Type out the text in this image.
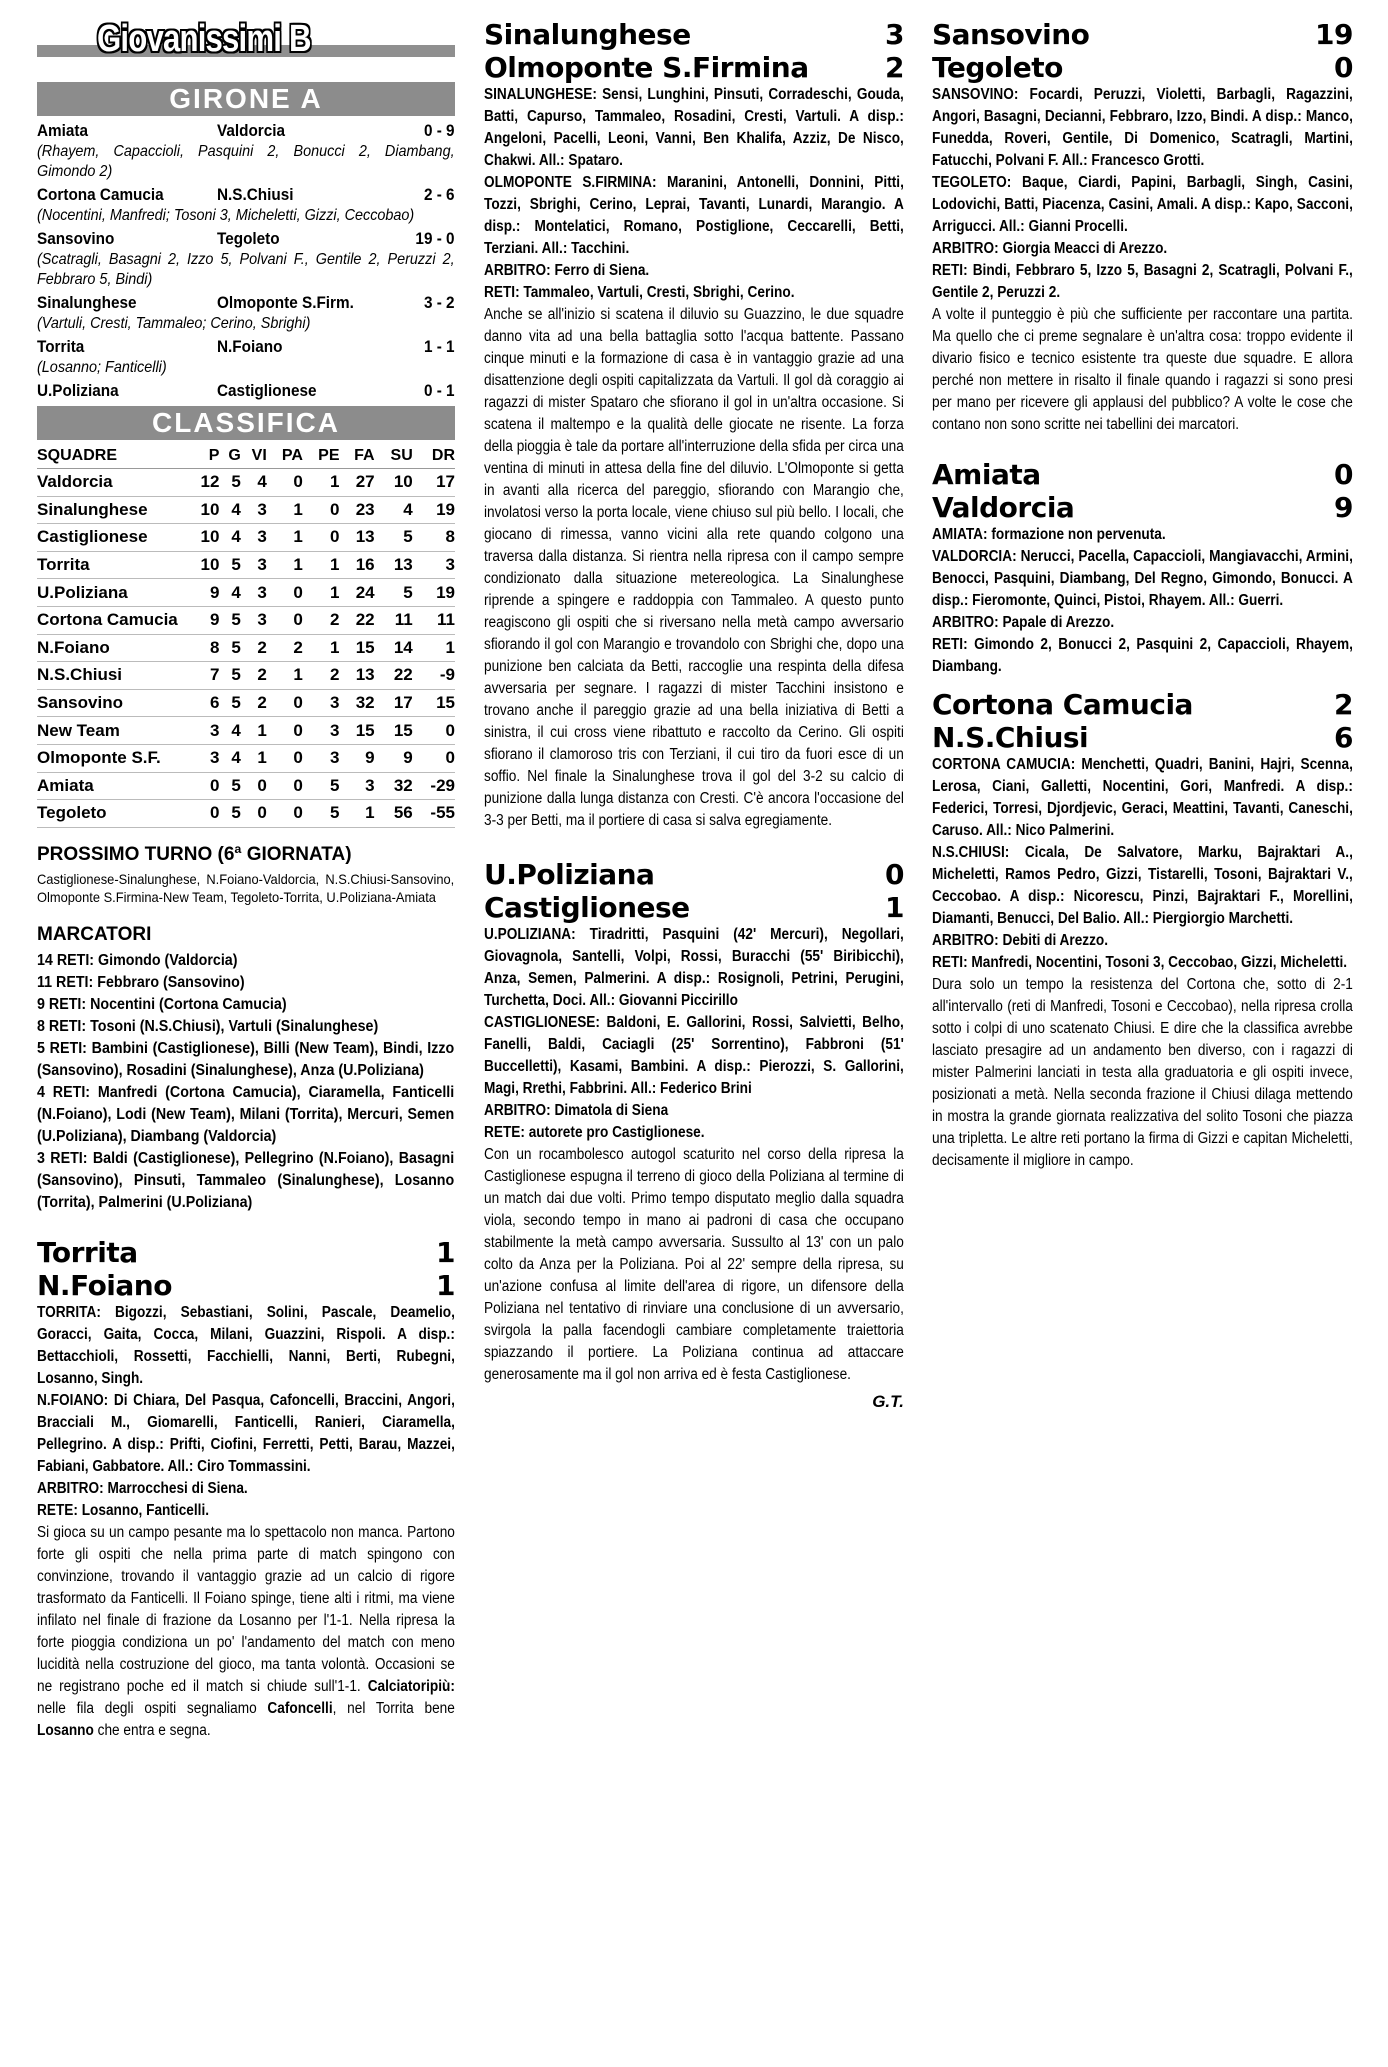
Giovanissimi B
GIRONE A
Amiata	Valdorcia	0 - 9
(Rhayem, Capaccioli, Pasquini 2, Bonucci 2, Diambang, Gimondo 2)
Cortona Camucia	N.S.Chiusi	2 - 6
(Nocentini, Manfredi; Tosoni 3, Micheletti, Gizzi, Ceccobao)
Sansovino	Tegoleto	19 - 0
(Scatragli, Basagni 2, Izzo 5, Polvani F., Gentile 2, Peruzzi 2, Febbraro 5, Bindi)
Sinalunghese	Olmoponte S.Firm.	3 - 2
(Vartuli, Cresti, Tammaleo; Cerino, Sbrighi)
Torrita	N.Foiano	1 - 1
(Losanno; Fanticelli)
U.Poliziana	Castiglionese	0 - 1
CLASSIFICA
SQUADRE	P	G	VI	PA	PE	FA	SU	DR
Valdorcia	12	5	4	0	1	27	10	17
Sinalunghese	10	4	3	1	0	23	4	19
Castiglionese	10	4	3	1	0	13	5	8
Torrita	10	5	3	1	1	16	13	3
U.Poliziana	9	4	3	0	1	24	5	19
Cortona Camucia	9	5	3	0	2	22	11	11
N.Foiano	8	5	2	2	1	15	14	1
N.S.Chiusi	7	5	2	1	2	13	22	-9
Sansovino	6	5	2	0	3	32	17	15
New Team	3	4	1	0	3	15	15	0
Olmoponte S.F.	3	4	1	0	3	9	9	0
Amiata	0	5	0	0	5	3	32	-29
Tegoleto	0	5	0	0	5	1	56	-55
PROSSIMO TURNO (6ª GIORNATA)
Castiglionese-Sinalunghese, N.Foiano-Valdorcia, N.S.Chiusi-Sansovino, Olmoponte S.Firmina-New Team, Tegoleto-Torrita, U.Poliziana-Amiata
MARCATORI
14 RETI: Gimondo (Valdorcia)
11 RETI: Febbraro (Sansovino)
9 RETI: Nocentini (Cortona Camucia)
8 RETI: Tosoni (N.S.Chiusi), Vartuli (Sinalunghese)
5 RETI: Bambini (Castiglionese), Billi (New Team), Bindi, Izzo (Sansovino), Rosadini (Sinalunghese), Anza (U.Poliziana)
4 RETI: Manfredi (Cortona Camucia), Ciaramella, Fanticelli (N.Foiano), Lodi (New Team), Milani (Torrita), Mercuri, Semen (U.Poliziana), Diambang (Valdorcia)
3 RETI: Baldi (Castiglionese), Pellegrino (N.Foiano), Basagni (Sansovino), Pinsuti, Tammaleo (Sinalunghese), Losanno (Torrita), Palmerini (U.Poliziana)
Torrita	1
N.Foiano	1
TORRITA: Bigozzi, Sebastiani, Solini, Pascale, Deamelio, Goracci, Gaita, Cocca, Milani, Guazzini, Rispoli. A disp.: Bettacchioli, Rossetti, Facchielli, Nanni, Berti, Rubegni, Losanno, Singh.
N.FOIANO: Di Chiara, Del Pasqua, Cafoncelli, Braccini, Angori, Bracciali M., Giomarelli, Fanticelli, Ranieri, Ciaramella, Pellegrino. A disp.: Prifti, Ciofini, Ferretti, Petti, Barau, Mazzei, Fabiani, Gabbatore. All.: Ciro Tommassini.
ARBITRO: Marrocchesi di Siena.
RETE: Losanno, Fanticelli.
Si gioca su un campo pesante ma lo spettacolo non manca. Partono forte gli ospiti che nella prima parte di match spingono con convinzione, trovando il vantaggio grazie ad un calcio di rigore trasformato da Fanticelli. Il Foiano spinge, tiene alti i ritmi, ma viene infilato nel finale di frazione da Losanno per l'1-1. Nella ripresa la forte pioggia condiziona un po' l'andamento del match con meno lucidità nella costruzione del gioco, ma tanta volontà. Occasioni se ne registrano poche ed il match si chiude sull'1-1. Calciatoripiù: nelle fila degli ospiti segnaliamo Cafoncelli, nel Torrita bene Losanno che entra e segna.
Sinalunghese	3
Olmoponte S.Firmina	2
SINALUNGHESE: Sensi, Lunghini, Pinsuti, Corradeschi, Gouda, Batti, Capurso, Tammaleo, Rosadini, Cresti, Vartuli. A disp.: Angeloni, Pacelli, Leoni, Vanni, Ben Khalifa, Azziz, De Nisco, Chakwi. All.: Spataro.
OLMOPONTE S.FIRMINA: Maranini, Antonelli, Donnini, Pitti, Tozzi, Sbrighi, Cerino, Leprai, Tavanti, Lunardi, Marangio. A disp.: Montelatici, Romano, Postiglione, Ceccarelli, Betti, Terziani. All.: Tacchini.
ARBITRO: Ferro di Siena.
RETI: Tammaleo, Vartuli, Cresti, Sbrighi, Cerino.
Anche se all'inizio si scatena il diluvio su Guazzino, le due squadre danno vita ad una bella battaglia sotto l'acqua battente. Passano cinque minuti e la formazione di casa è in vantaggio grazie ad una disattenzione degli ospiti capitalizzata da Vartuli. Il gol dà coraggio ai ragazzi di mister Spataro che sfiorano il gol in un'altra occasione. Si scatena il maltempo e la qualità delle giocate ne risente. La forza della pioggia è tale da portare all'interruzione della sfida per circa una ventina di minuti in attesa della fine del diluvio. L'Olmoponte si getta in avanti alla ricerca del pareggio, sfiorando con Marangio che, involatosi verso la porta locale, viene chiuso sul più bello. I locali, che giocano di rimessa, vanno vicini alla rete quando colgono una traversa dalla distanza. Si rientra nella ripresa con il campo sempre condizionato dalla situazione metereologica. La Sinalunghese riprende a spingere e raddoppia con Tammaleo. A questo punto reagiscono gli ospiti che si riversano nella metà campo avversario sfiorando il gol con Marangio e trovandolo con Sbrighi che, dopo una punizione ben calciata da Betti, raccoglie una respinta della difesa avversaria per segnare. I ragazzi di mister Tacchini insistono e trovano anche il pareggio grazie ad una bella iniziativa di Betti a sinistra, il cui cross viene ribattuto e raccolto da Cerino. Gli ospiti sfiorano il clamoroso tris con Terziani, il cui tiro da fuori esce di un soffio. Nel finale la Sinalunghese trova il gol del 3-2 su calcio di punizione dalla lunga distanza con Cresti. C'è ancora l'occasione del 3-3 per Betti, ma il portiere di casa si salva egregiamente.
U.Poliziana	0
Castiglionese	1
U.POLIZIANA: Tiradritti, Pasquini (42' Mercuri), Negollari, Giovagnola, Santelli, Volpi, Rossi, Buracchi (55' Biribicchi), Anza, Semen, Palmerini. A disp.: Rosignoli, Petrini, Perugini, Turchetta, Doci. All.: Giovanni Piccirillo
CASTIGLIONESE: Baldoni, E. Gallorini, Rossi, Salvietti, Belho, Fanelli, Baldi, Caciagli (25' Sorrentino), Fabbroni (51' Buccelletti), Kasami, Bambini. A disp.: Pierozzi, S. Gallorini, Magi, Rrethi, Fabbrini. All.: Federico Brini
ARBITRO: Dimatola di Siena
RETE: autorete pro Castiglionese.
Con un rocambolesco autogol scaturito nel corso della ripresa la Castiglionese espugna il terreno di gioco della Poliziana al termine di un match dai due volti. Primo tempo disputato meglio dalla squadra viola, secondo tempo in mano ai padroni di casa che occupano stabilmente la metà campo avversaria. Sussulto al 13' con un palo colto da Anza per la Poliziana. Poi al 22' sempre della ripresa, su un'azione confusa al limite dell'area di rigore, un difensore della Poliziana nel tentativo di rinviare una conclusione di un avversario, svirgola la palla facendogli cambiare completamente traiettoria spiazzando il portiere. La Poliziana continua ad attaccare generosamente ma il gol non arriva ed è festa Castiglionese.
G.T.
Sansovino	19
Tegoleto	0
SANSOVINO: Focardi, Peruzzi, Violetti, Barbagli, Ragazzini, Angori, Basagni, Decianni, Febbraro, Izzo, Bindi. A disp.: Manco, Funedda, Roveri, Gentile, Di Domenico, Scatragli, Martini, Fatucchi, Polvani F. All.: Francesco Grotti.
TEGOLETO: Baque, Ciardi, Papini, Barbagli, Singh, Casini, Lodovichi, Batti, Piacenza, Casini, Amali. A disp.: Kapo, Sacconi, Arrigucci. All.: Gianni Procelli.
ARBITRO: Giorgia Meacci di Arezzo.
RETI: Bindi, Febbraro 5, Izzo 5, Basagni 2, Scatragli, Polvani F., Gentile 2, Peruzzi 2.
A volte il punteggio è più che sufficiente per raccontare una partita. Ma quello che ci preme segnalare è un'altra cosa: troppo evidente il divario fisico e tecnico esistente tra queste due squadre. E allora perché non mettere in risalto il finale quando i ragazzi si sono presi per mano per ricevere gli applausi del pubblico? A volte le cose che contano non sono scritte nei tabellini dei marcatori.
Amiata	0
Valdorcia	9
AMIATA: formazione non pervenuta.
VALDORCIA: Nerucci, Pacella, Capaccioli, Mangiavacchi, Armini, Benocci, Pasquini, Diambang, Del Regno, Gimondo, Bonucci. A disp.: Fieromonte, Quinci, Pistoi, Rhayem. All.: Guerri.
ARBITRO: Papale di Arezzo.
RETI: Gimondo 2, Bonucci 2, Pasquini 2, Capaccioli, Rhayem, Diambang.
Cortona Camucia	2
N.S.Chiusi	6
CORTONA CAMUCIA: Menchetti, Quadri, Banini, Hajri, Scenna, Lerosa, Ciani, Galletti, Nocentini, Gori, Manfredi. A disp.: Federici, Torresi, Djordjevic, Geraci, Meattini, Tavanti, Caneschi, Caruso. All.: Nico Palmerini.
N.S.CHIUSI: Cicala, De Salvatore, Marku, Bajraktari A., Micheletti, Ramos Pedro, Gizzi, Tistarelli, Tosoni, Bajraktari V., Ceccobao. A disp.: Nicorescu, Pinzi, Bajraktari F., Morellini, Diamanti, Benucci, Del Balio. All.: Piergiorgio Marchetti.
ARBITRO: Debiti di Arezzo.
RETI: Manfredi, Nocentini, Tosoni 3, Ceccobao, Gizzi, Micheletti.
Dura solo un tempo la resistenza del Cortona che, sotto di 2-1 all'intervallo (reti di Manfredi, Tosoni e Ceccobao), nella ripresa crolla sotto i colpi di uno scatenato Chiusi. E dire che la classifica avrebbe lasciato presagire ad un andamento ben diverso, con i ragazzi di mister Palmerini lanciati in testa alla graduatoria e gli ospiti invece, posizionati a metà. Nella seconda frazione il Chiusi dilaga mettendo in mostra la grande giornata realizzativa del solito Tosoni che piazza una tripletta. Le altre reti portano la firma di Gizzi e capitan Micheletti, decisamente il migliore in campo.
